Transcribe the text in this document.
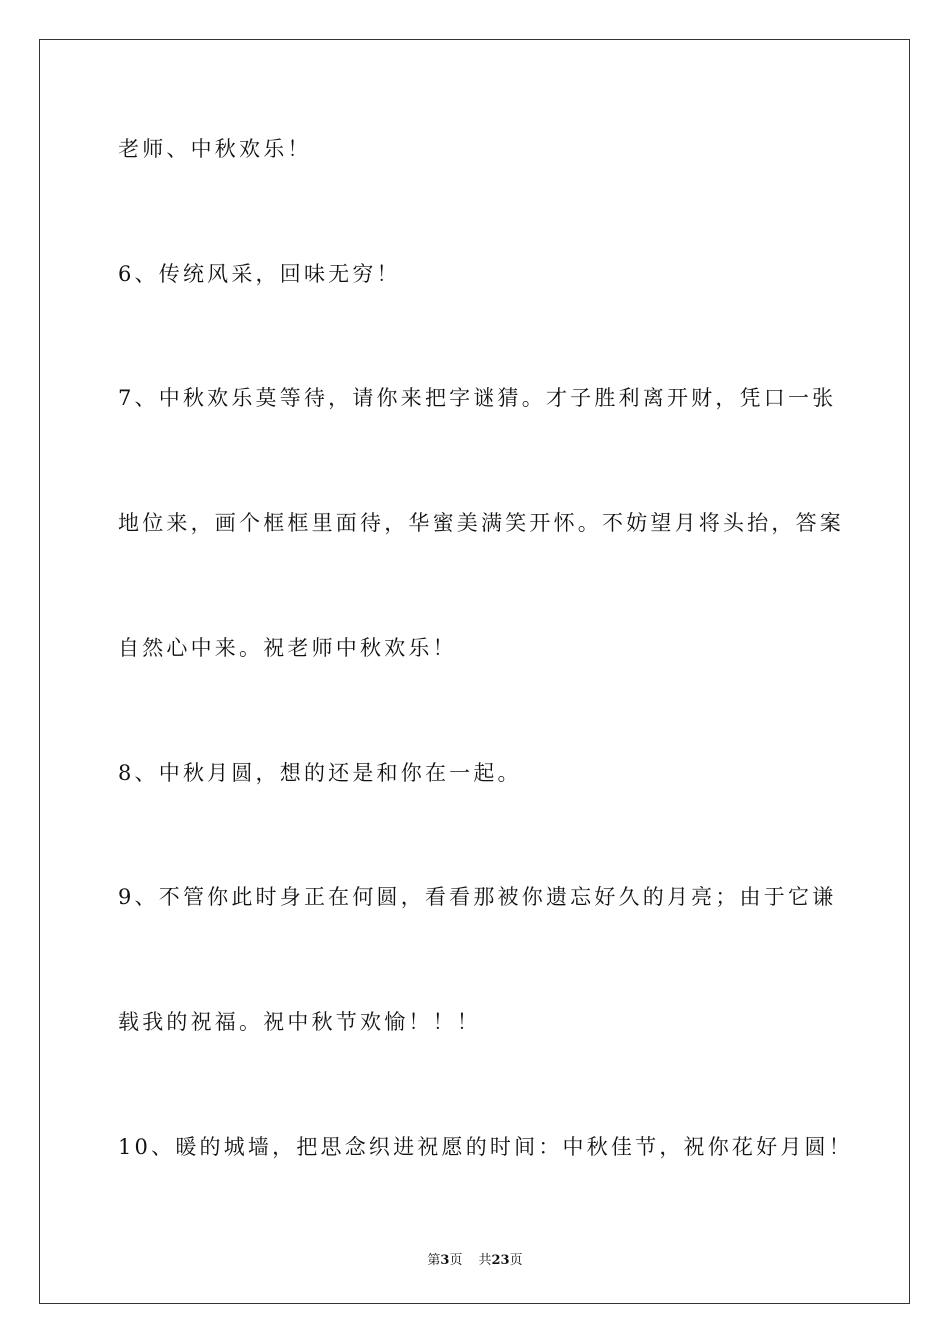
老师、中秋欢乐！
6、传统风采，回味无穷！
7、中秋欢乐莫等待，请你来把字谜猜。才子胜利离开财，凭口一张
地位来，画个框框里面待，华蜜美满笑开怀。不妨望月将头抬，答案
自然心中来。祝老师中秋欢乐！
8、中秋月圆，想的还是和你在一起。
9、不管你此时身正在何圆，看看那被你遗忘好久的月亮；由于它谦
载我的祝福。祝中秋节欢愉！！！
10、暖的城墙，把思念织进祝愿的时间：中秋佳节，祝你花好月圆！
第3页 共23页
